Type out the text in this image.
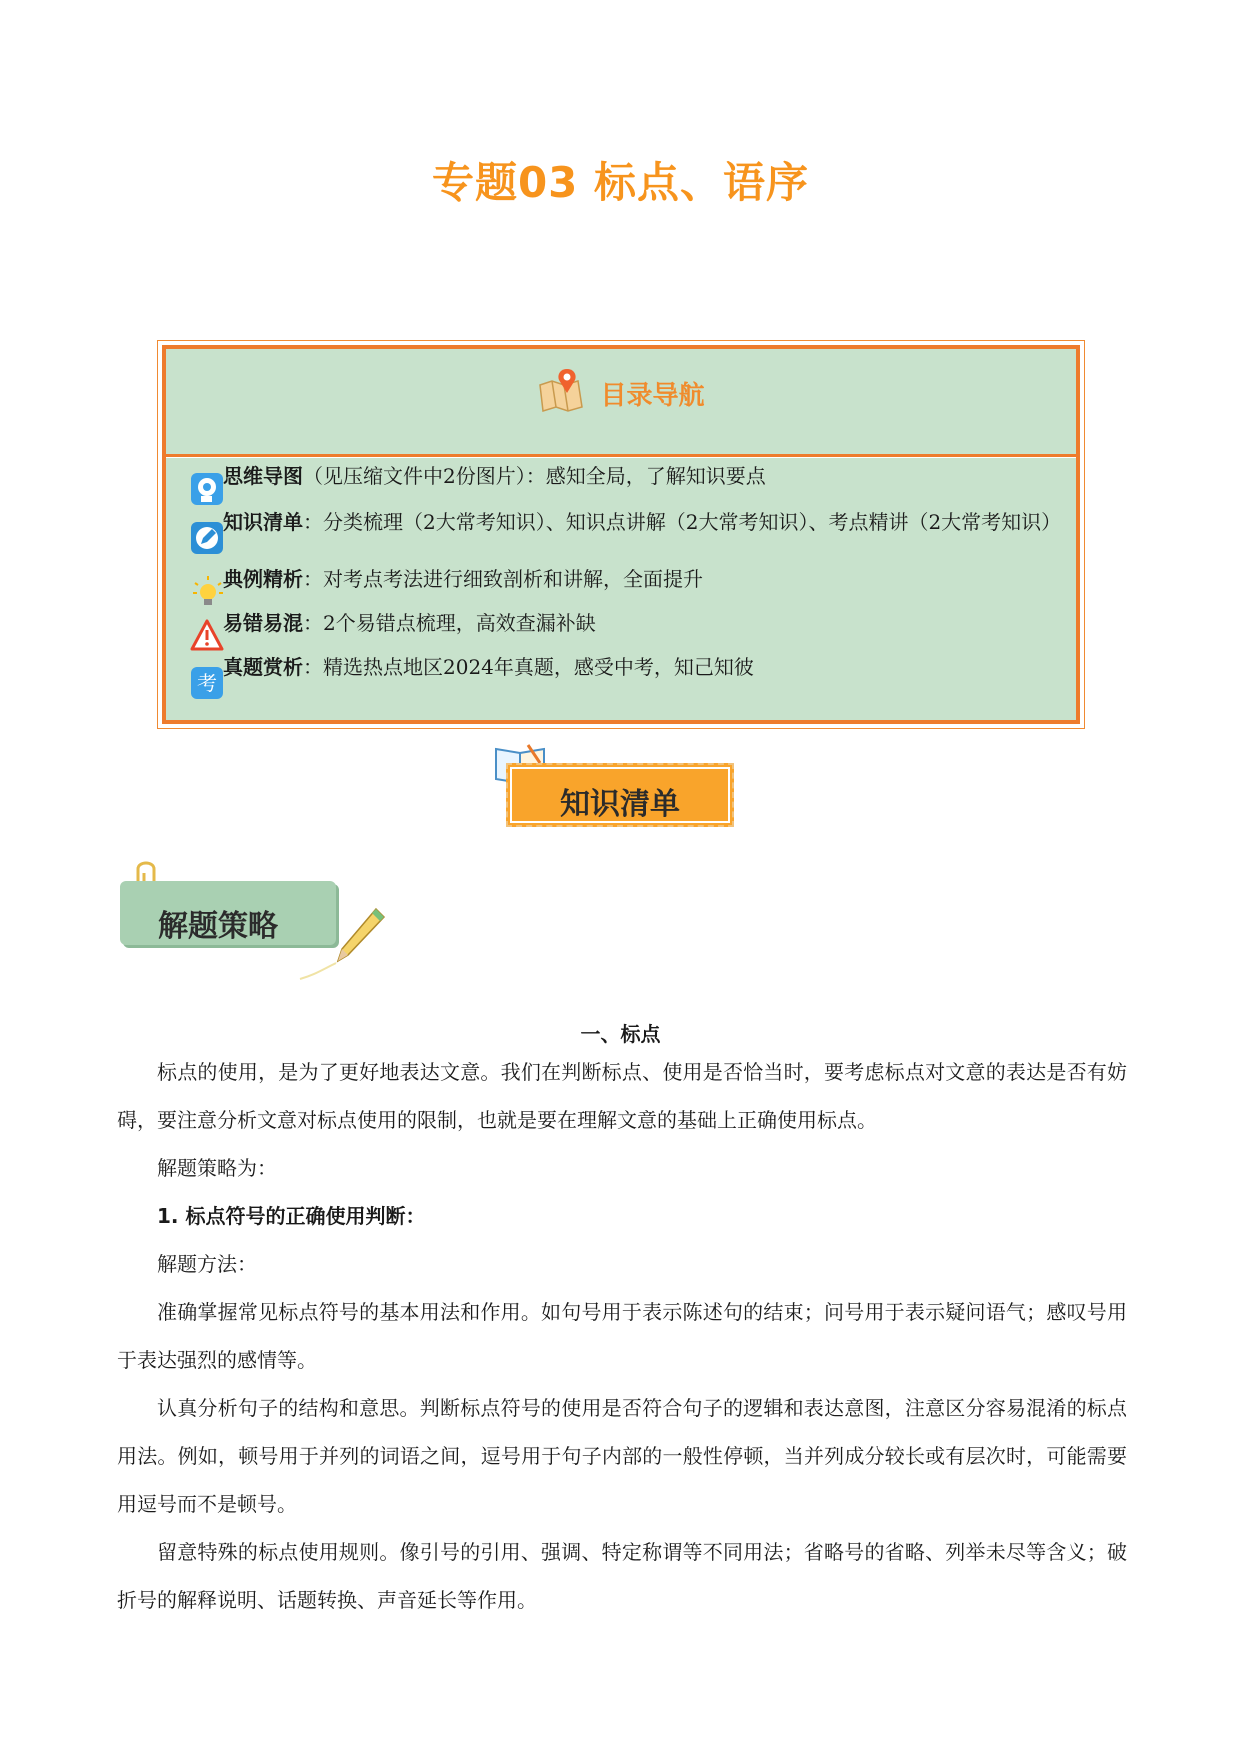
专题03 标点、语序
目录导航
思维导图（见压缩文件中2份图片）：感知全局，了解知识要点
知识清单：分类梳理（2大常考知识）、知识点讲解（2大常考知识）、考点精讲（2大常考知识）
典例精析：对考点考法进行细致剖析和讲解，全面提升
易错易混：2个易错点梳理，高效查漏补缺
考
真题赏析：精选热点地区2024年真题，感受中考，知己知彼
知识清单
解题策略
一、标点
标点的使用，是为了更好地表达文意。我们在判断标点、使用是否恰当时，要考虑标点对文意的表达是否有妨碍，要注意分析文意对标点使用的限制，也就是要在理解文意的基础上正确使用标点。
解题策略为：
1. 标点符号的正确使用判断：
解题方法：
准确掌握常见标点符号的基本用法和作用。如句号用于表示陈述句的结束；问号用于表示疑问语气；感叹号用于表达强烈的感情等。
认真分析句子的结构和意思。判断标点符号的使用是否符合句子的逻辑和表达意图，注意区分容易混淆的标点用法。例如，顿号用于并列的词语之间，逗号用于句子内部的一般性停顿，当并列成分较长或有层次时，可能需要用逗号而不是顿号。
留意特殊的标点使用规则。像引号的引用、强调、特定称谓等不同用法；省略号的省略、列举未尽等含义；破折号的解释说明、话题转换、声音延长等作用。
